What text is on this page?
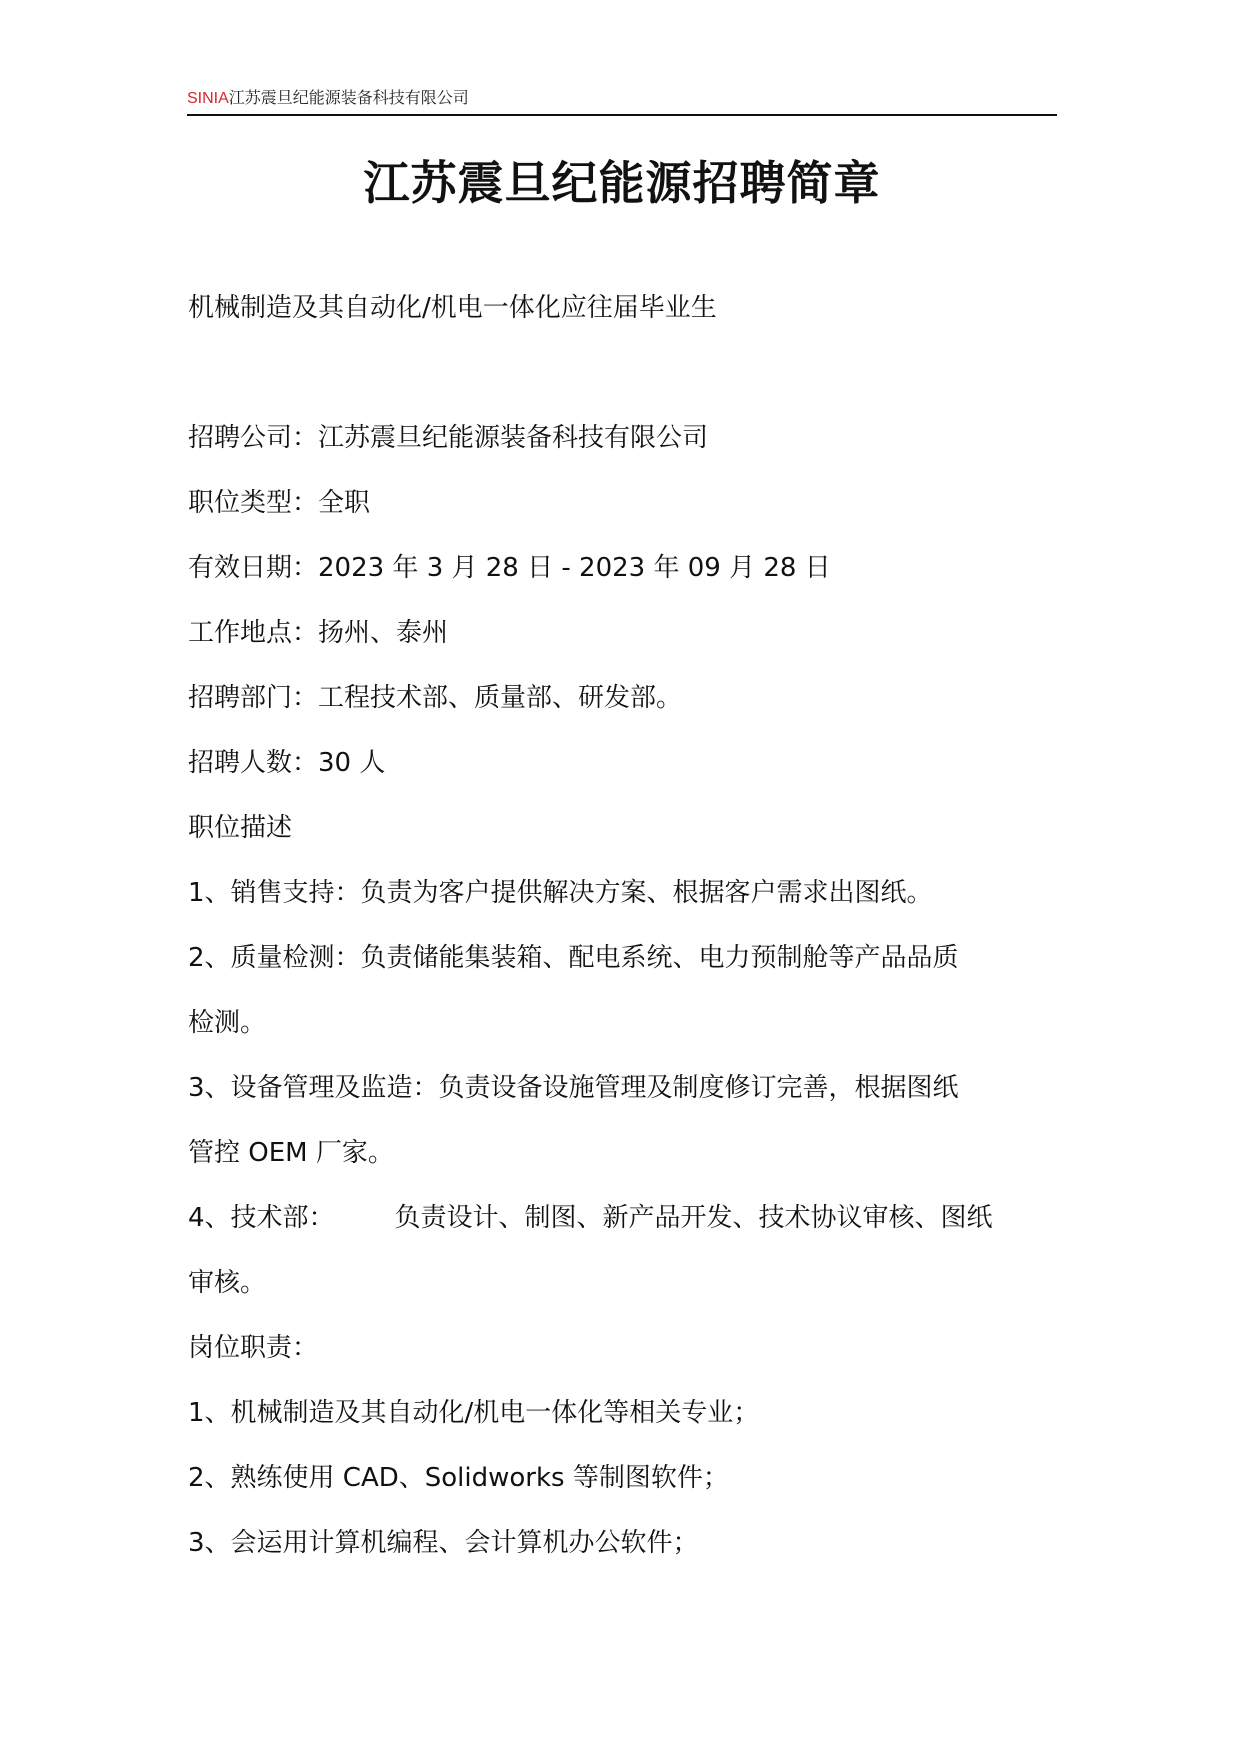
SINIA江苏震旦纪能源装备科技有限公司
江苏震旦纪能源招聘简章
机械制造及其自动化/机电一体化应往届毕业生
招聘公司：江苏震旦纪能源装备科技有限公司
职位类型：全职
有效日期：2023 年 3 月 28 日 - 2023 年 09 月 28 日
工作地点：扬州、泰州
招聘部门：工程技术部、质量部、研发部。
招聘人数：30 人
职位描述
1、销售支持：负责为客户提供解决方案、根据客户需求出图纸。
2、质量检测：负责储能集装箱、配电系统、电力预制舱等产品品质
检测。
3、设备管理及监造：负责设备设施管理及制度修订完善，根据图纸
管控 OEM 厂家。
4、技术部： 负责设计、制图、新产品开发、技术协议审核、图纸
审核。
岗位职责：
1、机械制造及其自动化/机电一体化等相关专业；
2、熟练使用 CAD、Solidworks 等制图软件；
3、会运用计算机编程、会计算机办公软件；
